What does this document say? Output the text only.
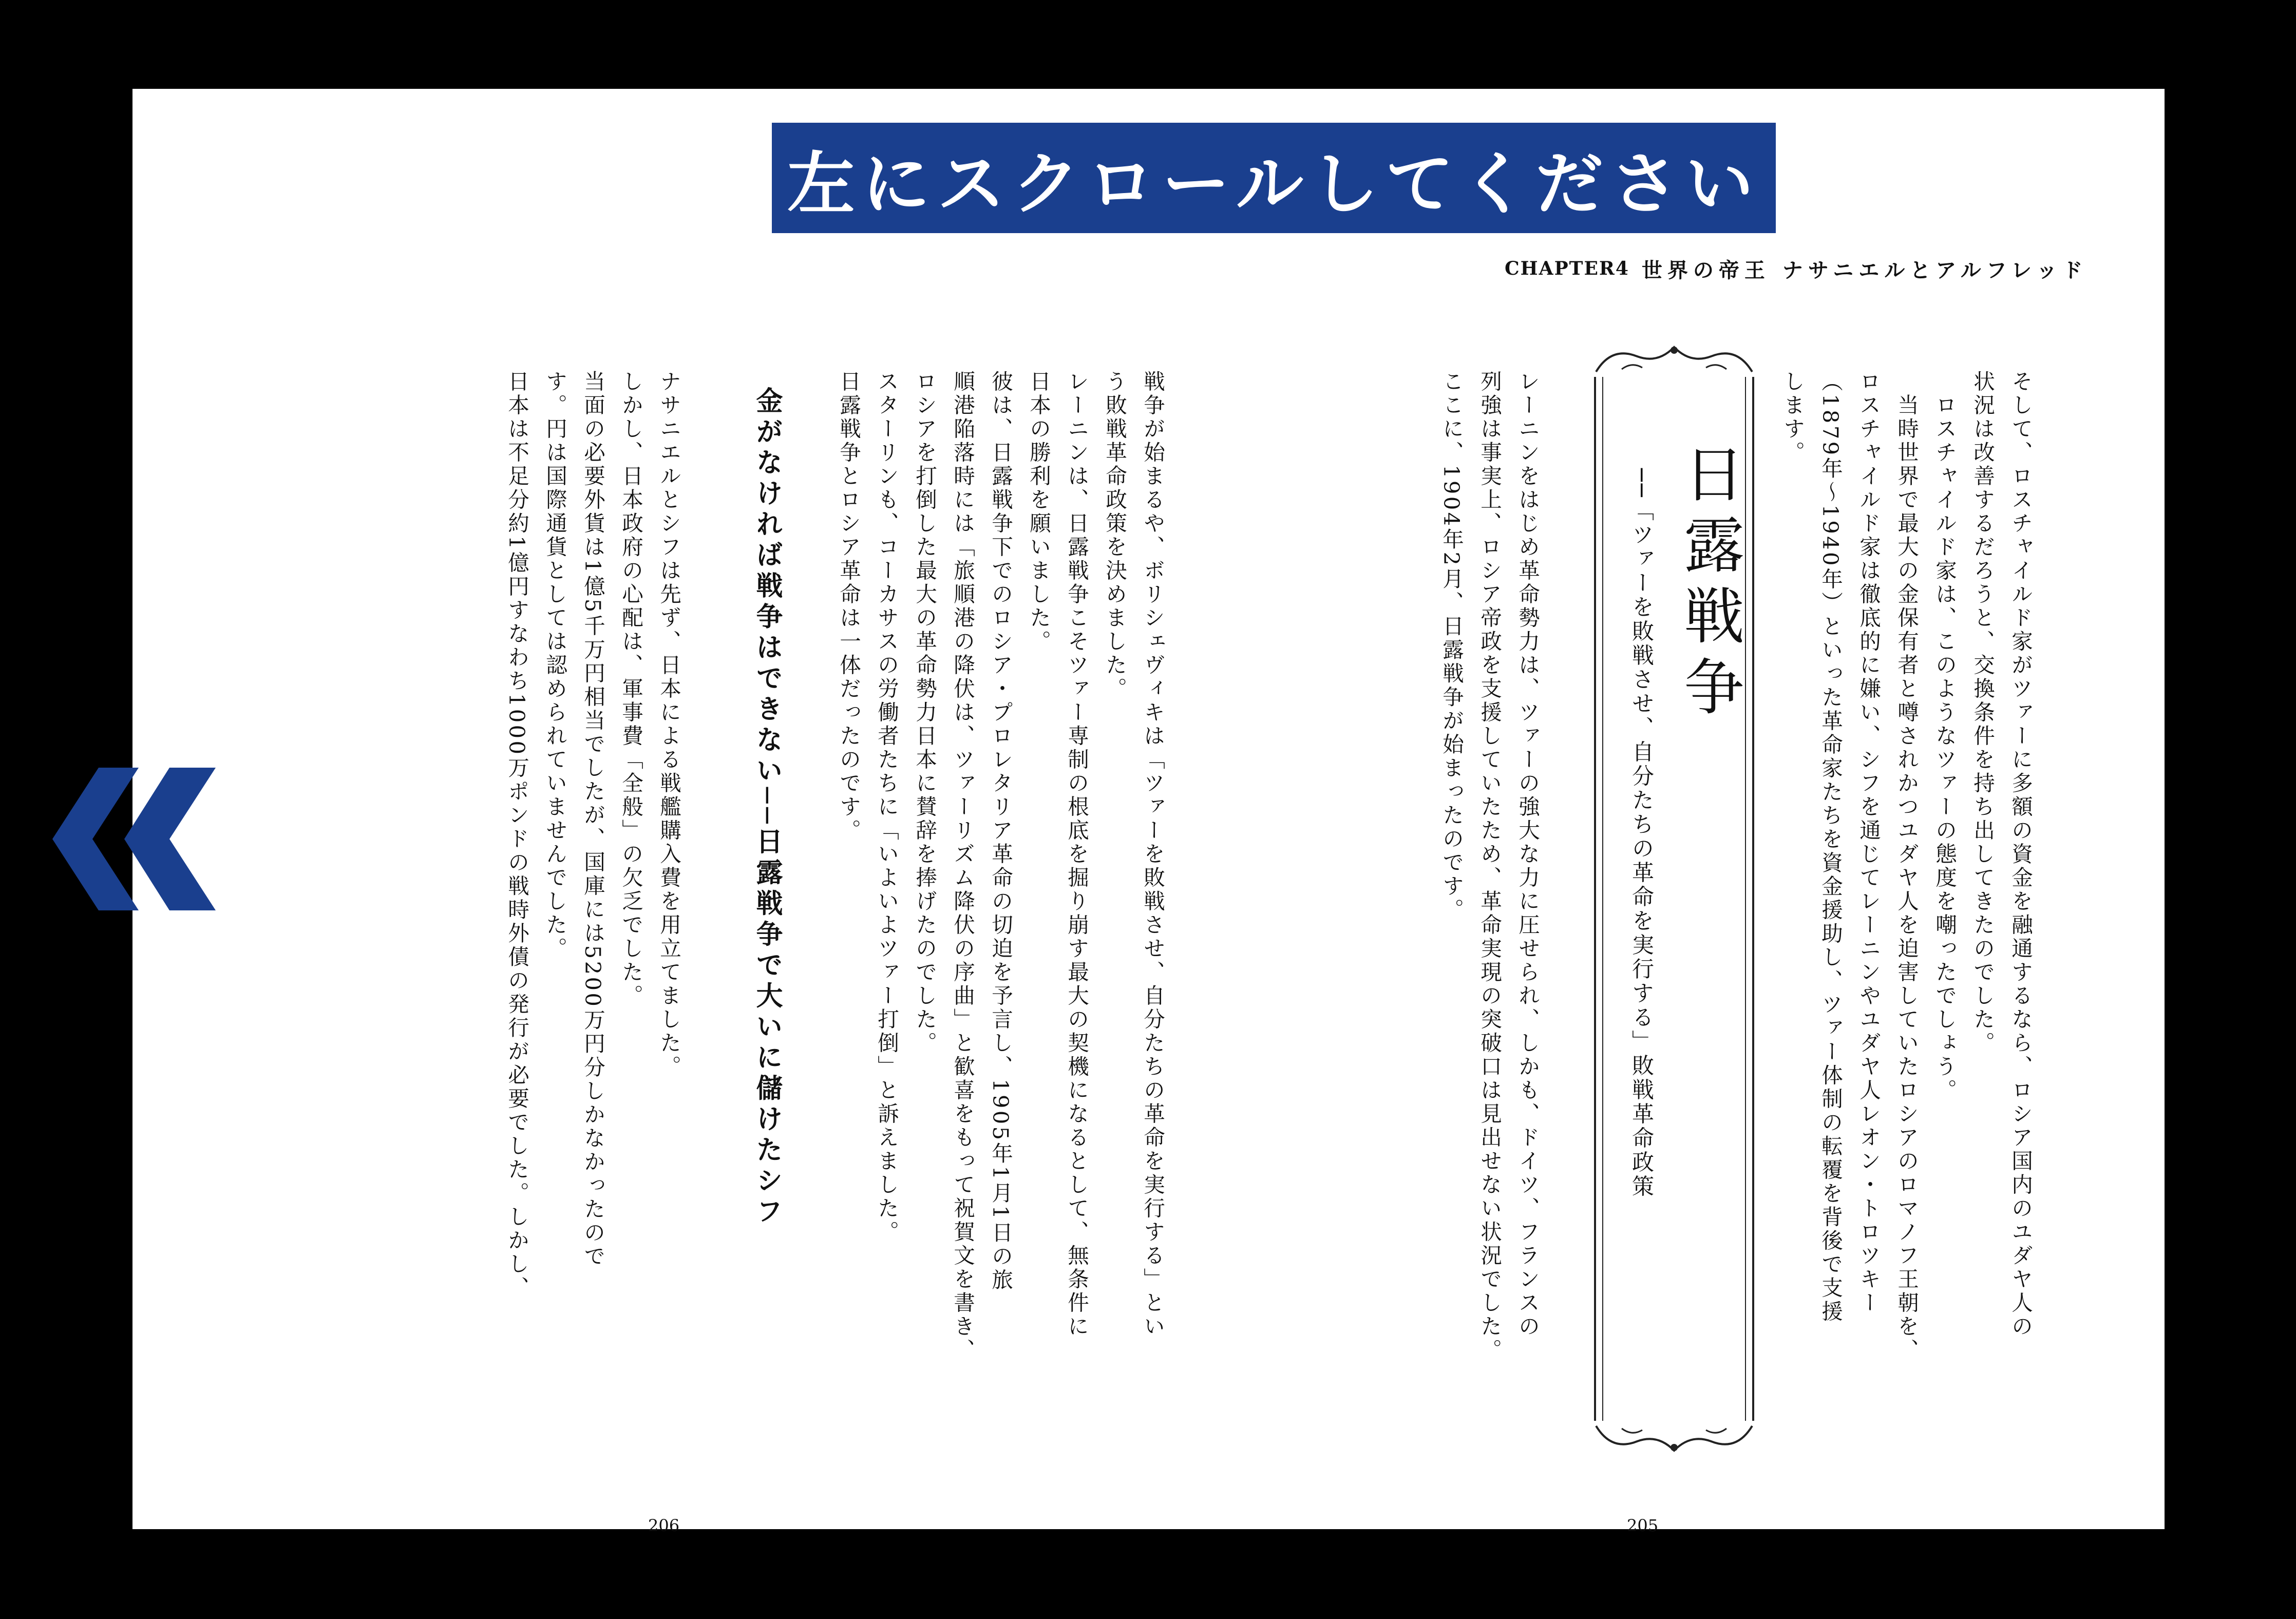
左にスクロールしてください
CHAPTER4 世界の帝王 ナサニエルとアルフレッド
そして、ロスチャイルド家がツァーに多額の資金を融通するなら、ロシア国内のユダヤ人の
状況は改善するだろうと、交換条件を持ち出してきたのでした。
　ロスチャイルド家は、このようなツァーの態度を嘲ったでしょう。
　当時世界で最大の金保有者と噂されかつユダヤ人を迫害していたロシアのロマノフ王朝を、
ロスチャイルド家は徹底的に嫌い、シフを通じてレーニンやユダヤ人レオン・トロツキー
（1879年〜1940年）といった革命家たちを資金援助し、ツァー体制の転覆を背後で支援
します。
日露戦争
──「ツァーを敗戦させ、自分たちの革命を実行する」敗戦革命政策
レーニンをはじめ革命勢力は、ツァーの強大な力に圧せられ、しかも、ドイツ、フランスの
列強は事実上、ロシア帝政を支援していたため、革命実現の突破口は見出せない状況でした。
ここに、1904年2月、日露戦争が始まったのです。
戦争が始まるや、ボリシェヴィキは「ツァーを敗戦させ、自分たちの革命を実行する」とい
う敗戦革命政策を決めました。
レーニンは、日露戦争こそツァー専制の根底を掘り崩す最大の契機になるとして、無条件に
日本の勝利を願いました。
彼は、日露戦争下でのロシア・プロレタリア革命の切迫を予言し、1905年1月1日の旅
順港陥落時には「旅順港の降伏は、ツァーリズム降伏の序曲」と歓喜をもって祝賀文を書き、
ロシアを打倒した最大の革命勢力日本に賛辞を捧げたのでした。
スターリンも、コーカサスの労働者たちに「いよいよツァー打倒」と訴えました。
日露戦争とロシア革命は一体だったのです。
金がなければ戦争はできない──日露戦争で大いに儲けたシフ
ナサニエルとシフは先ず、日本による戦艦購入費を用立てました。
しかし、日本政府の心配は、軍事費「全般」の欠乏でした。
当面の必要外貨は1億5千万円相当でしたが、国庫には5200万円分しかなかったので
す。円は国際通貨としては認められていませんでした。
日本は不足分約1億円すなわち1000万ポンドの戦時外債の発行が必要でした。しかし、
206	205
